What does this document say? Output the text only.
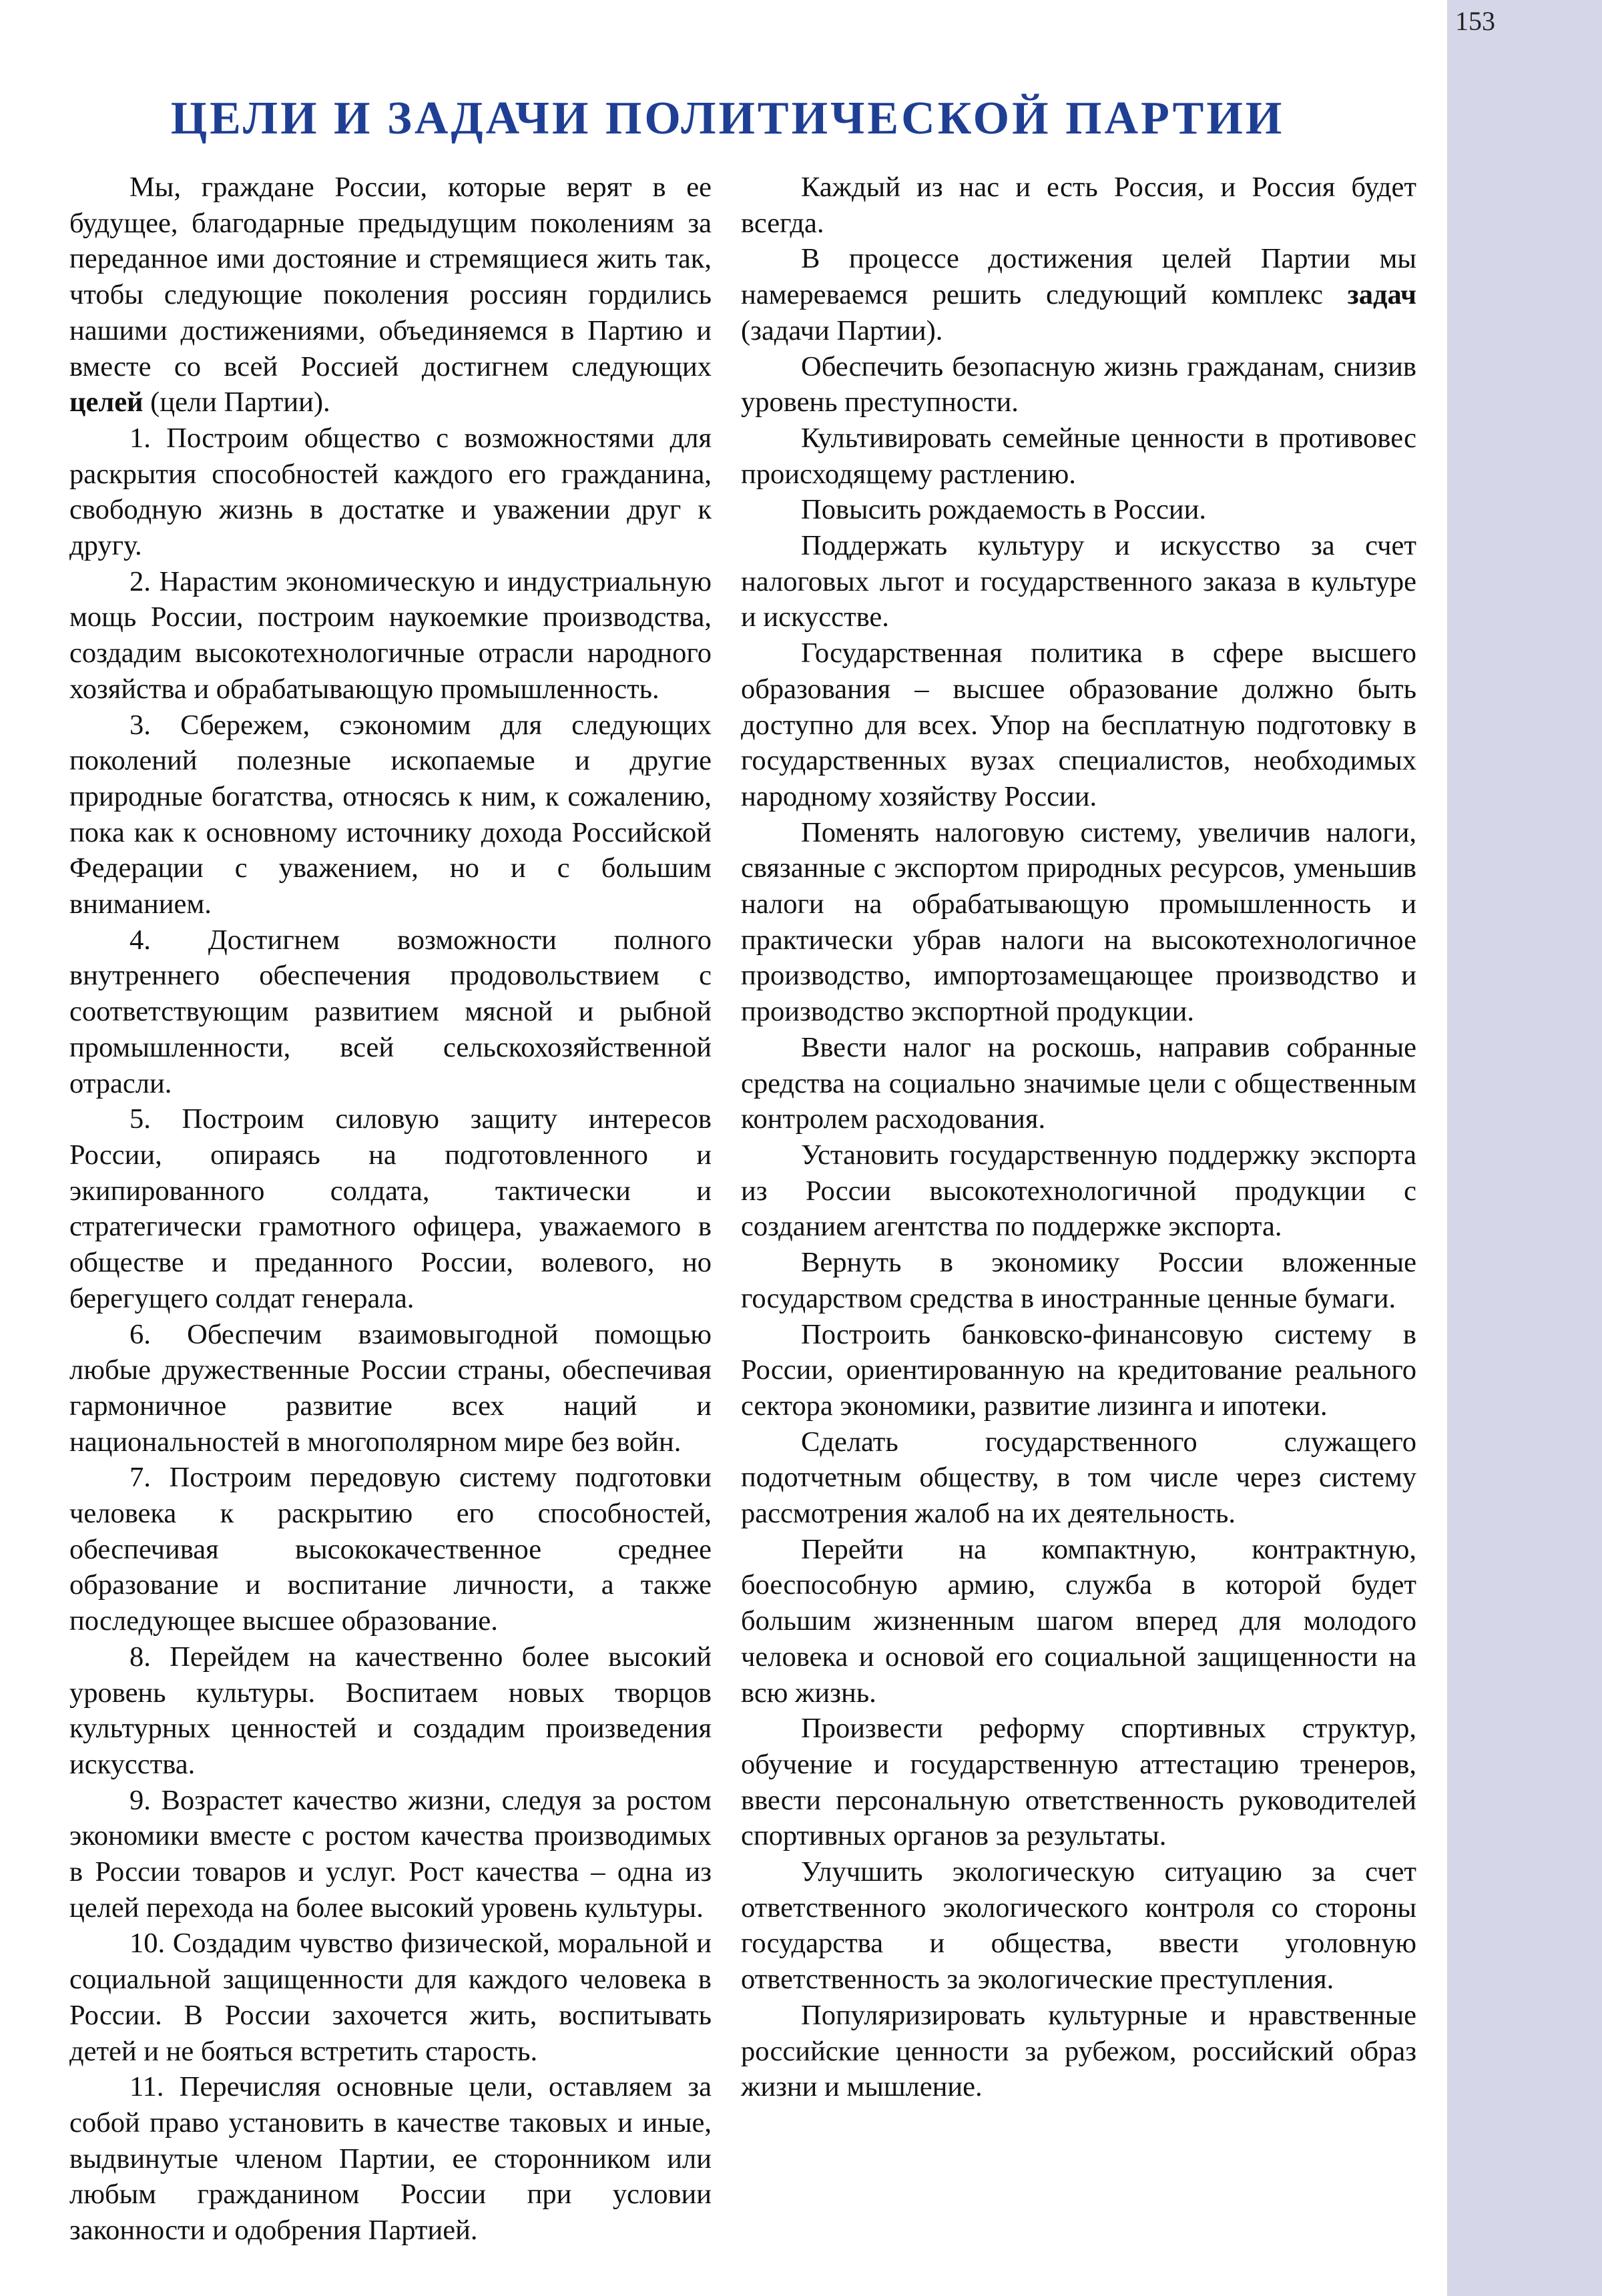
153
ЦЕЛИ И ЗАДАЧИ ПОЛИТИЧЕСКОЙ ПАРТИИ

Мы, граждане России, которые верят в ее будущее, благодарные предыдущим поколениям за переданное ими достояние и стремящиеся жить так, чтобы следующие поколения россиян гордились нашими достижениями, объединяемся в Партию и вместе со всей Россией достигнем следующих целей (цели Партии).

1. Построим общество с возможностями для раскрытия способностей каждого его гражданина, свободную жизнь в достатке и уважении друг к другу.

2. Нарастим экономическую и индустриальную мощь России, построим наукоемкие производства, создадим высокотехнологичные отрасли народного хозяйства и обрабатывающую промышленность.

3. Сбережем, сэкономим для следующих поколений полезные ископаемые и другие природные богатства, относясь к ним, к сожалению, пока как к основному источнику дохода Российской Федерации с уважением, но и с большим вниманием.

4. Достигнем возможности полного внутреннего обеспечения продовольствием с соответствующим развитием мясной и рыбной промышленности, всей сельскохозяйственной отрасли.

5. Построим силовую защиту интересов России, опираясь на подготовленного и экипированного солдата, тактически и стратегически грамотного офицера, уважаемого в обществе и преданного России, волевого, но берегущего солдат генерала.

6. Обеспечим взаимовыгодной помощью любые дружественные России страны, обеспечивая гармоничное развитие всех наций и национальностей в многополярном мире без войн.

7. Построим передовую систему подготовки человека к раскрытию его способностей, обеспечивая высококачественное среднее образование и воспитание личности, а также последующее высшее образование.

8. Перейдем на качественно более высокий уровень культуры. Воспитаем новых творцов культурных ценностей и создадим произведения искусства.

9. Возрастет качество жизни, следуя за ростом экономики вместе с ростом качества производимых в России товаров и услуг. Рост качества – одна из целей перехода на более высокий уровень культуры.

10. Создадим чувство физической, моральной и социальной защищенности для каждого человека в России. В России захочется жить, воспитывать детей и не бояться встретить старость.

11. Перечисляя основные цели, оставляем за собой право установить в качестве таковых и иные, выдвинутые членом Партии, ее сторонником или любым гражданином России при условии законности и одобрения Партией.

Каждый из нас и есть Россия, и Россия будет всегда.

В процессе достижения целей Партии мы намереваемся решить следующий комплекс задач (задачи Партии).

Обеспечить безопасную жизнь гражданам, снизив уровень преступности.

Культивировать семейные ценности в противовес происходящему растлению.

Повысить рождаемость в России.

Поддержать культуру и искусство за счет налоговых льгот и государственного заказа в культуре и искусстве.

Государственная политика в сфере высшего образования – высшее образование должно быть доступно для всех. Упор на бесплатную подготовку в государственных вузах специалистов, необходимых народному хозяйству России.

Поменять налоговую систему, увеличив налоги, связанные с экспортом природных ресурсов, уменьшив налоги на обрабатывающую промышленность и практически убрав налоги на высокотехнологичное производство, импортозамещающее производство и производство экспортной продукции.

Ввести налог на роскошь, направив собранные средства на социально значимые цели с общественным контролем расходования.

Установить государственную поддержку экспорта из России высокотехнологичной продукции с созданием агентства по поддержке экспорта.

Вернуть в экономику России вложенные государством средства в иностранные ценные бумаги.

Построить банковско-финансовую систему в России, ориентированную на кредитование реального сектора экономики, развитие лизинга и ипотеки.

Сделать государственного служащего подотчетным обществу, в том числе через систему рассмотрения жалоб на их деятельность.

Перейти на компактную, контрактную, боеспособную армию, служба в которой будет большим жизненным шагом вперед для молодого человека и основой его социальной защищенности на всю жизнь.

Произвести реформу спортивных структур, обучение и государственную аттестацию тренеров, ввести персональную ответственность руководителей спортивных органов за результаты.

Улучшить экологическую ситуацию за счет ответственного экологического контроля со стороны государства и общества, ввести уголовную ответственность за экологические преступления.

Популяризировать культурные и нравственные российские ценности за рубежом, российский образ жизни и мышление.
